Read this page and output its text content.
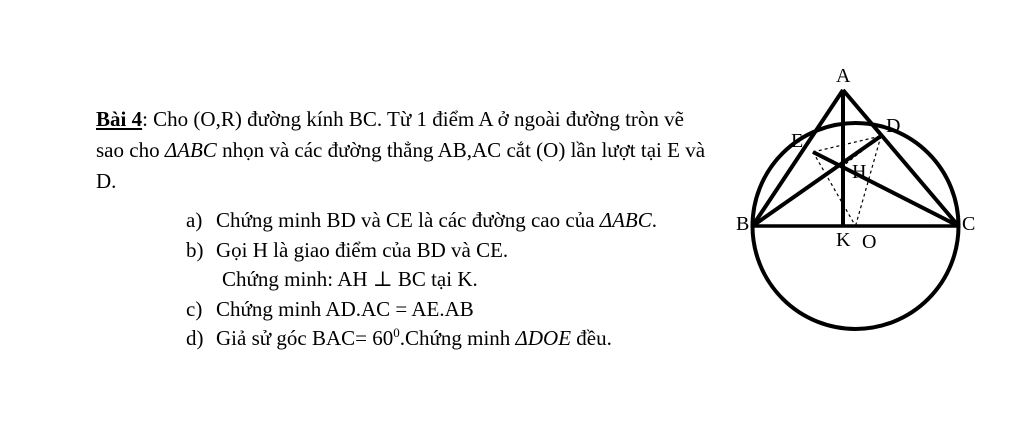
Bài 4: Cho (O,R) đường kính BC. Từ 1 điểm A ở ngoài đường tròn vẽ sao cho ΔABC nhọn và các đường thẳng AB,AC cắt (O) lần lượt tại E và D.

a) Chứng minh BD và CE là các đường cao của ΔABC.
b) Gọi H là giao điểm của BD và CE.
Chứng minh: AH ⊥ BC tại K.
c) Chứng minh AD.AC = AE.AB
d) Giả sử góc $BAC= 60^0.Chứng$ minh ΔDOE đều.
A
B	C
D
E
H
K O
